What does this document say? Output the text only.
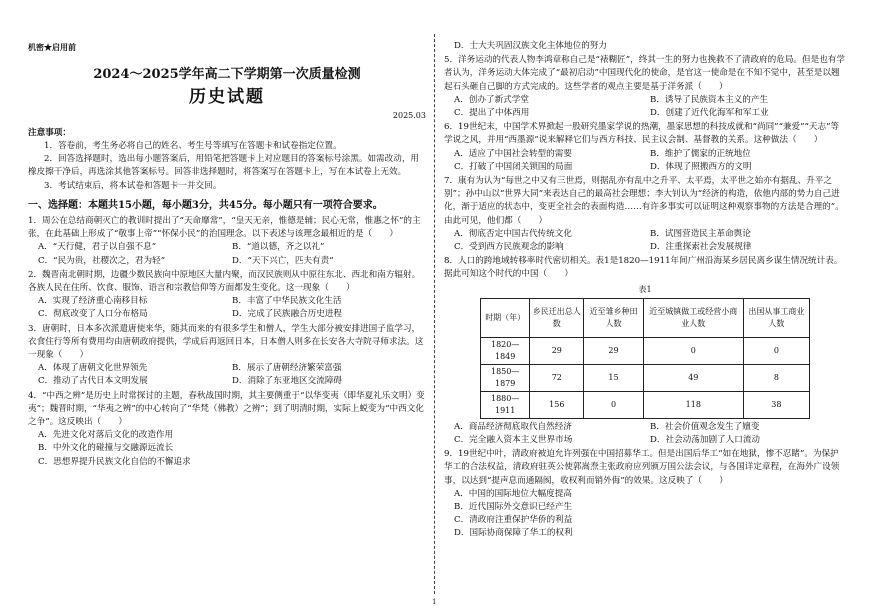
机密★启用前

2024～2025学年高二下学期第一次质量检测

历史试题

2025.03

注意事项：

1．答卷前，考生务必将自己的姓名、考生号等填写在答题卡和试卷指定位置。

2．回答选择题时，选出每小题答案后，用铅笔把答题卡上对应题目的答案标号涂黑。如需改动，用橡皮擦干净后，再选涂其他答案标号。回答非选择题时，将答案写在答题卡上，写在本试卷上无效。

3．考试结束后，将本试卷和答题卡一并交回。

一、选择题：本题共15小题，每小题3分，共45分。每小题只有一项符合要求。

1．周公在总结商朝灭亡的教训时提出了“天命靡常”，“皇天无亲，惟德是辅；民心无常，惟惠之怀”的主张，在此基础上形成了“敬事上帝”“怀保小民”的治国理念。以下表述与该理念最相近的是（　　）

A．“天行健，君子以自强不息”	B．“道以德，齐之以礼”
C．“民为贵，社稷次之，君为轻”	D．“天下兴亡，匹夫有责”

2．魏晋南北朝时期，边疆少数民族向中原地区大量内聚，而汉民族则从中原往东北、西北和南方辐射。各族人民在住所、饮食、服饰、语言和宗教信仰等方面都发生变化。这一现象（　　）

A．实现了经济重心南移目标	B．丰富了中华民族文化生活
C．彻底改变了人口分布格局	D．完成了民族融合历史进程

3．唐朝时，日本多次派遣唐使来华，随其而来的有很多学生和僧人，学生大部分被安排进国子监学习，衣食住行等所有费用均由唐朝政府提供，学成后再返回日本，日本僧人则多在长安各大寺院寻师求法。这一现象（　　）

A．体现了唐朝文化世界领先	B．展示了唐朝经济繁荣富强
C．推动了古代日本文明发展	D．消除了东亚地区交流障碍

4．“中西之辨”是历史上时常探讨的主题，春秋战国时期，其主要侧重于“以华变夷（即华夏礼乐文明）变夷”；魏晋时期，“华夷之辨”的中心转向了“华梵（佛教）之辨”；到了明清时期，实际上蜕变为“中西文化之争”。这反映出（　　）

A．先进文化对落后文化的改造作用
B．中外文化的碰撞与交融源远流长
C．思想界提升民族文化自信的不懈追求

D．士大夫巩固汉族文化主体地位的努力

5．洋务运动的代表人物李鸿章称自己是“裱糊匠”，终其一生的努力也挽救不了清政府的危局。但是也有学者认为，洋务运动大体完成了“最初启动”中国现代化的使命，是官这一使命是在不知不觉中，甚至是以翘起石头砸自己脚的方式完成的。这些学者的观点主要是基于洋务派（　　）

A．创办了新式学堂	B．诱导了民族资本主义的产生
C．提出了中体西用	D．创建了近代化海军和军工业

6．19世纪末，中国学术界掀起一股研究墨家学说的热潮，墨家思想的科技成就和“尚同”“兼爱”“天志”等学说之风，并用“西墨源”说来解释它们与西方科技、民主议会制、基督教的关系。这种做法（　　）

A．适应了中国社会转型的需要	B．维护了儒家的正统地位
C．打破了中国闭关锁国的局面	D．体现了照搬西方的文明

7．康有为认为“每世之中又有三世焉，则据乱亦有乱中之升平、太平焉，太平世之始亦有据乱、升平之别”；孙中山以“世界大同”来表达自己的最高社会理想；李大钊认为“经济的构造，依他内部的势力自己进化，渐于适应的状态中，变更全社会的表面构造……有许多事实可以证明这种观察事物的方法是合理的”。由此可见，他们都（　　）

A．彻底否定中国古代传统文化	B．试图营造民主革命舆论
C．受到西方民族观念的影响	D．注重探索社会发展规律

8．人口的跨地域转移率时代密切相关。表1是1820—1911年间广州沿海某乡居民离乡谋生情况统计表。据此可知这个时代的中国（　　）

表1

时期（年）	乡民迁出总人数	近至雏乡种田人数	近至城镇做工或经营小商业人数	出国从事工商业人数
1820—1849	29	29	0	0
1850—1879	72	15	49	8
1880—1911	156	0	118	38
A．商品经济彻底取代自然经济	B．社会价值观念发生了嬗变
C．完全融入资本主义世界市场	D．社会动荡加剧了人口流动

9．19世纪中叶，清政府被迫允许列强在中国招募华工。但是出国后华工“如在地狱，惨不忍睹”。为保护华工的合法权益，清政府驻英公使郭嵩焘主张政府应列颁万国公法会议，与各国详定章程，在海外广设领事，以达到“提声息而通隔阂，收权利而销外侮”的效果。这反映了（　　）

A．中国的国际地位大幅度提高
B．近代国际外交意识已经产生
C．清政府注重保护华侨的利益
D．国际协商保障了华工的权利
1
